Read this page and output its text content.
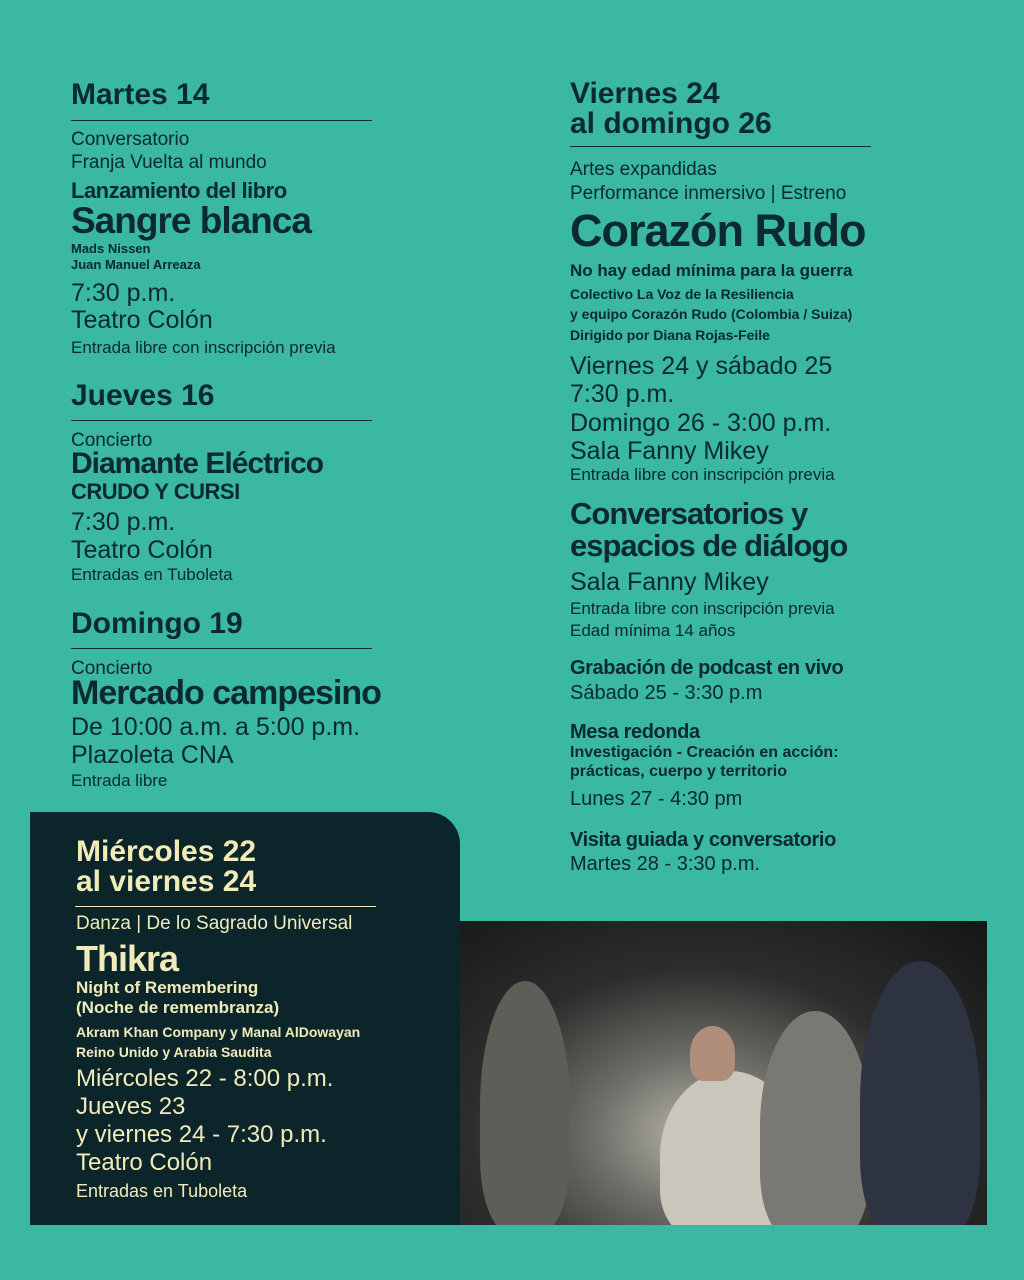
Martes 14
Conversatorio
Franja Vuelta al mundo
Lanzamiento del libro
Sangre blanca
Mads Nissen
Juan Manuel Arreaza
7:30 p.m.
Teatro Colón
Entrada libre con inscripción previa
Jueves 16
Concierto
Diamante Eléctrico
CRUDO Y CURSI
7:30 p.m.
Teatro Colón
Entradas en Tuboleta
Domingo 19
Concierto
Mercado campesino
De 10:00 a.m. a 5:00 p.m.
Plazoleta CNA
Entrada libre
Miércoles 22
al viernes 24
Danza | De lo Sagrado Universal
Thikra
Night of Remembering
(Noche de remembranza)
Akram Khan Company y Manal AlDowayan
Reino Unido y Arabia Saudita
Miércoles 22 - 8:00 p.m.
Jueves 23
y viernes 24 - 7:30 p.m.
Teatro Colón
Entradas en Tuboleta
Viernes 24
al domingo 26
Artes expandidas
Performance inmersivo | Estreno
Corazón Rudo
No hay edad mínima para la guerra
Colectivo La Voz de la Resiliencia
y equipo Corazón Rudo (Colombia / Suiza)
Dirigido por Diana Rojas-Feile
Viernes 24 y sábado 25
7:30 p.m.
Domingo 26 - 3:00 p.m.
Sala Fanny Mikey
Entrada libre con inscripción previa
Conversatorios y
espacios de diálogo
Sala Fanny Mikey
Entrada libre con inscripción previa
Edad mínima 14 años
Grabación de podcast en vivo
Sábado 25 - 3:30 p.m
Mesa redonda
Investigación - Creación en acción:
prácticas, cuerpo y territorio
Lunes 27 - 4:30 pm
Visita guiada y conversatorio
Martes 28 - 3:30 p.m.
